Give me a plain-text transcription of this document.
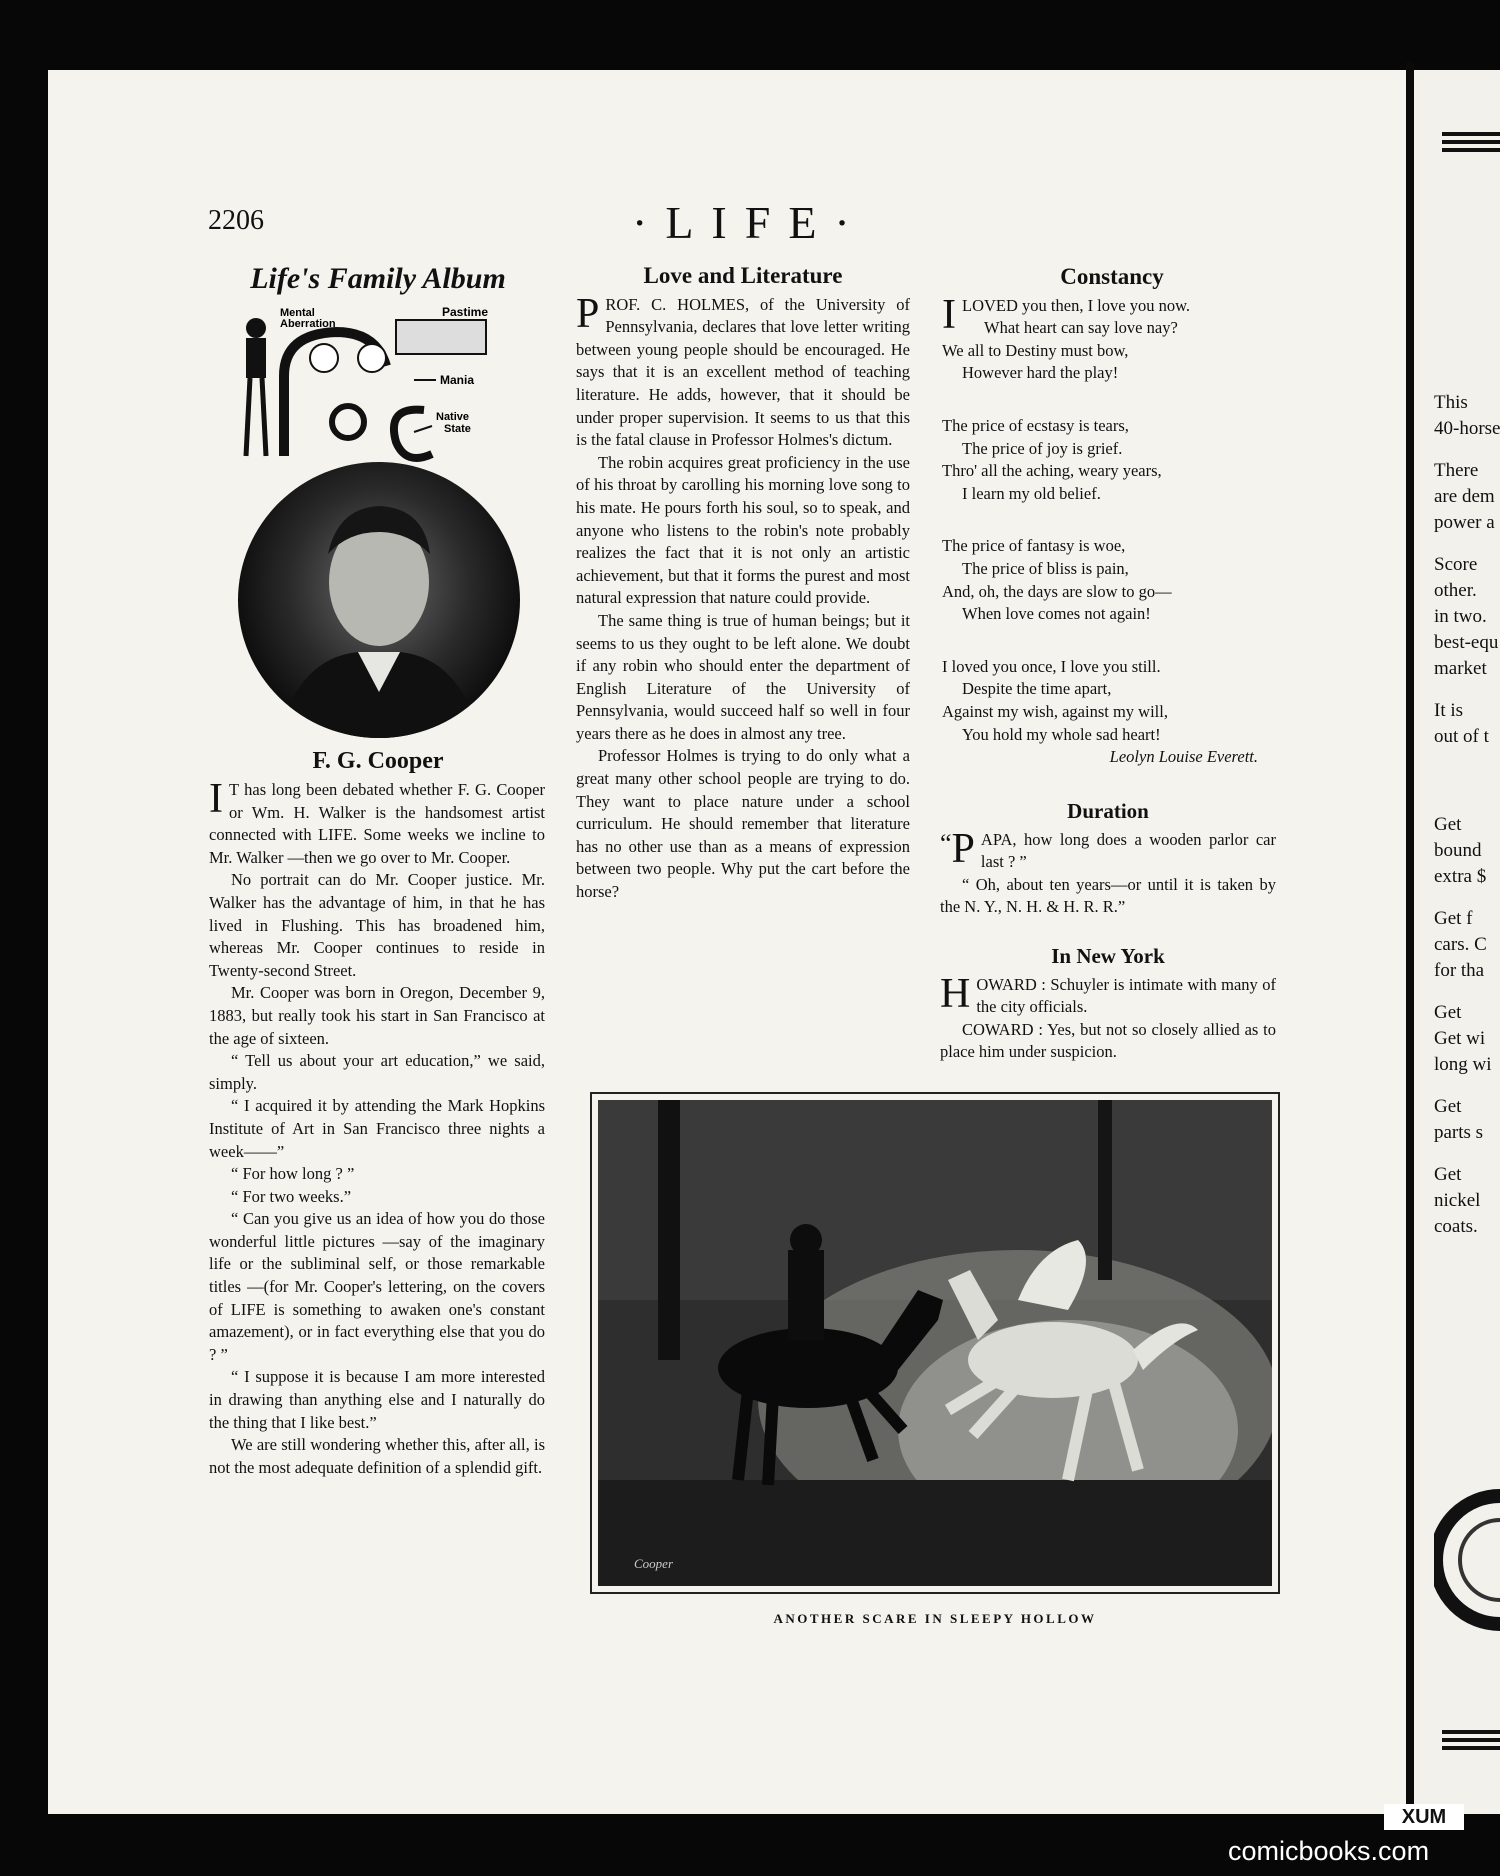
This
40-horse
There
are dem
power a
Score
other.
in two.
best-equ
market
It is
out of t
Get
bound
extra $
Get f
cars. C
for tha
Get
Get wi
long wi
Get
parts s
Get
nickel
coats.
2206	·LIFE·
Life's Family Album
Mental
Aberration
Pastime
Mania
Native
State
F. G. Cooper

I T has long been debated whether F. G. Cooper or Wm. H. Walker is the handsomest artist connected with LIFE. Some weeks we incline to Mr. Walker —then we go over to Mr. Cooper.

No portrait can do Mr. Cooper justice. Mr. Walker has the advantage of him, in that he has lived in Flushing. This has broadened him, whereas Mr. Cooper continues to reside in Twenty-second Street.

Mr. Cooper was born in Oregon, December 9, 1883, but really took his start in San Francisco at the age of sixteen.

“ Tell us about your art education,” we said, simply.

“ I acquired it by attending the Mark Hopkins Institute of Art in San Francisco three nights a week——”

“ For how long ? ”

“ For two weeks.”

“ Can you give us an idea of how you do those wonderful little pictures —say of the imaginary life or the subliminal self, or those remarkable titles —(for Mr. Cooper's lettering, on the covers of LIFE is something to awaken one's constant amazement), or in fact everything else that you do ? ”

“ I suppose it is because I am more interested in drawing than anything else and I naturally do the thing that I like best.”

We are still wondering whether this, after all, is not the most adequate definition of a splendid gift.

Love and Literature

PROF. C. HOLMES, of the University of Pennsylvania, declares that love letter writing between young people should be encouraged. He says that it is an excellent method of teaching literature. He adds, however, that it should be under proper supervision. It seems to us that this is the fatal clause in Professor Holmes's dictum.

The robin acquires great proficiency in the use of his throat by carolling his morning love song to his mate. He pours forth his soul, so to speak, and anyone who listens to the robin's note probably realizes the fact that it is not only an artistic achievement, but that it forms the purest and most natural expression that nature could provide.

The same thing is true of human beings; but it seems to us they ought to be left alone. We doubt if any robin who should enter the department of English Literature of the University of Pennsylvania, would succeed half so well in four years there as he does in almost any tree.

Professor Holmes is trying to do only what a great many other school people are trying to do. They want to place nature under a school curriculum. He should remember that literature has no other use than as a means of expression between two people. Why put the cart before the horse?

Constancy

ILOVED you then, I love you now.

What heart can say love nay?

We all to Destiny must bow,

However hard the play!

The price of ecstasy is tears,

The price of joy is grief.

Thro' all the aching, weary years,

I learn my old belief.

The price of fantasy is woe,

The price of bliss is pain,

And, oh, the days are slow to go—

When love comes not again!

I loved you once, I love you still.

Despite the time apart,

Against my wish, against my will,

You hold my whole sad heart!

Leolyn Louise Everett.

Duration

“ P APA, how long does a wooden parlor car last ? ”

“ Oh, about ten years—or until it is taken by the N. Y., N. H. & H. R. R.”

In New York

HOWARD : Schuyler is intimate with many of the city officials.

COWARD : Yes, but not so closely allied as to place him under suspicion.

Cooper
ANOTHER SCARE IN SLEEPY HOLLOW
XUM
comicbooks.com
